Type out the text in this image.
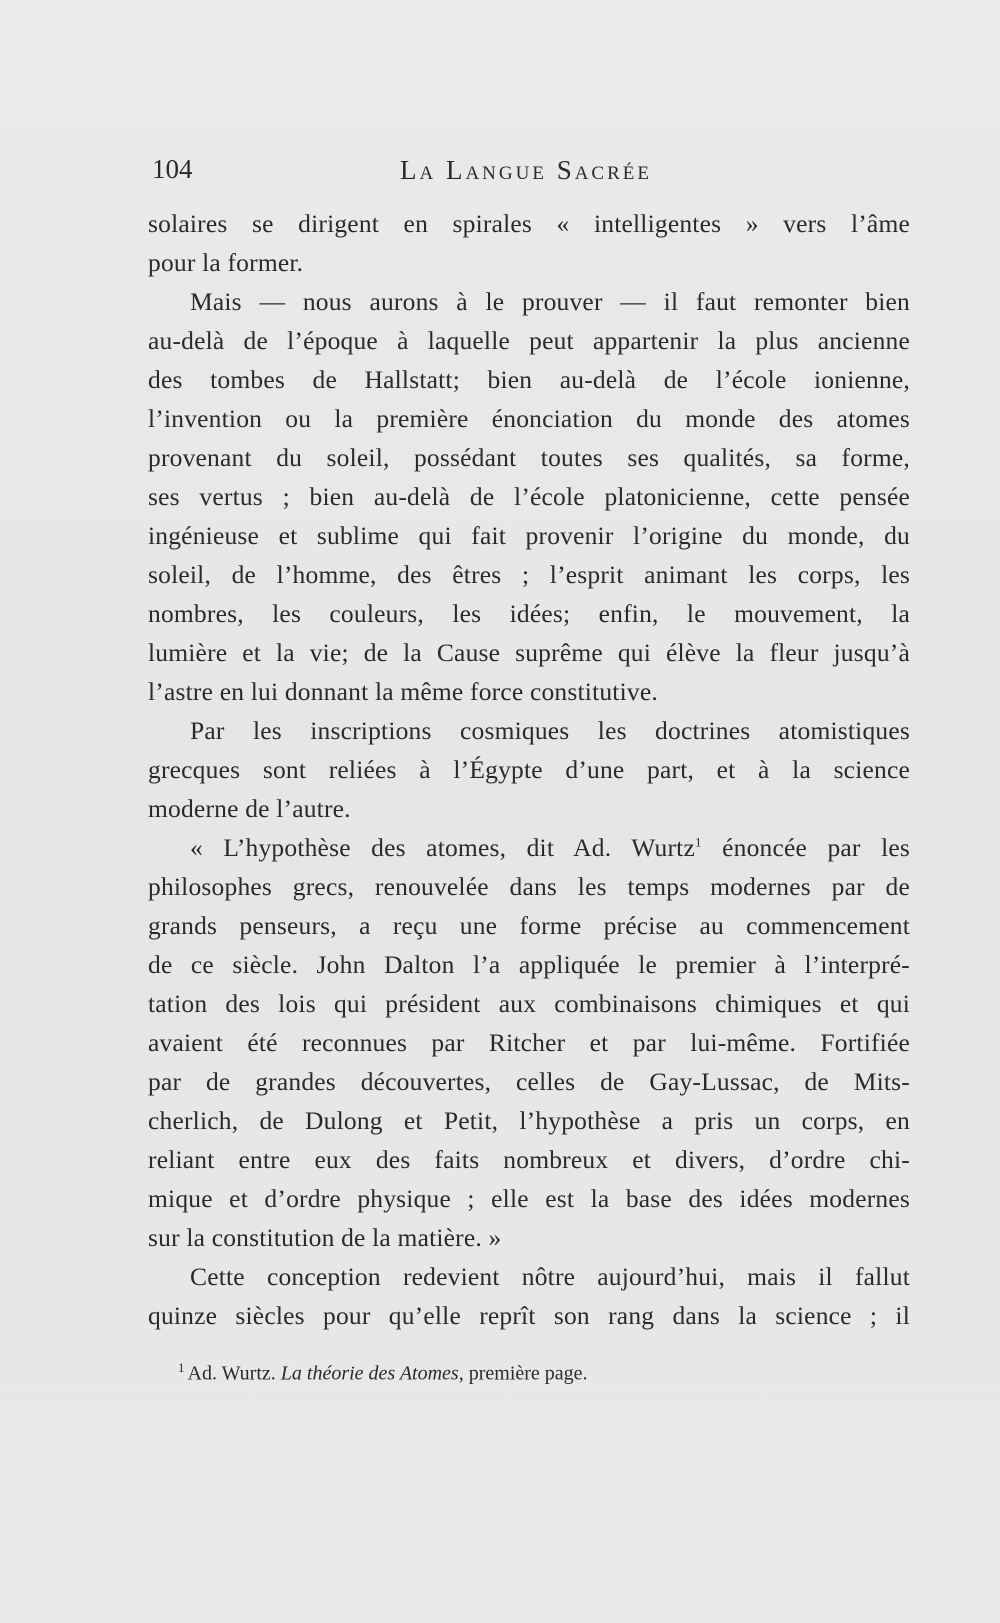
104	La Langue Sacrée
solaires se dirigent en spirales « intelligentes » vers l’âme
pour la former.
Mais — nous aurons à le prouver — il faut remonter bien
au-delà de l’époque à laquelle peut appartenir la plus ancienne
des tombes de Hallstatt; bien au-delà de l’école ionienne,
l’invention ou la première énonciation du monde des atomes
provenant du soleil, possédant toutes ses qualités, sa forme,
ses vertus ; bien au-delà de l’école platonicienne, cette pensée
ingénieuse et sublime qui fait provenir l’origine du monde, du
soleil, de l’homme, des êtres ; l’esprit animant les corps, les
nombres, les couleurs, les idées; enfin, le mouvement, la
lumière et la vie; de la Cause suprême qui élève la fleur jusqu’à
l’astre en lui donnant la même force constitutive.
Par les inscriptions cosmiques les doctrines atomistiques
grecques sont reliées à l’Égypte d’une part, et à la science
moderne de l’autre.
« L’hypothèse des atomes, dit Ad. Wurtz$^1$ énoncée par les
philosophes grecs, renouvelée dans les temps modernes par de
grands penseurs, a reçu une forme précise au commencement
de ce siècle. John Dalton l’a appliquée le premier à l’interpré-
tation des lois qui président aux combinaisons chimiques et qui
avaient été reconnues par Ritcher et par lui-même. Fortifiée
par de grandes découvertes, celles de Gay-Lussac, de Mits-
cherlich, de Dulong et Petit, l’hypothèse a pris un corps, en
reliant entre eux des faits nombreux et divers, d’ordre chi-
mique et d’ordre physique ; elle est la base des idées modernes
sur la constitution de la matière. »
Cette conception redevient nôtre aujourd’hui, mais il fallut
quinze siècles pour qu’elle reprît son rang dans la science ; il
$^1$ Ad. Wurtz. La théorie des Atomes, première page.
